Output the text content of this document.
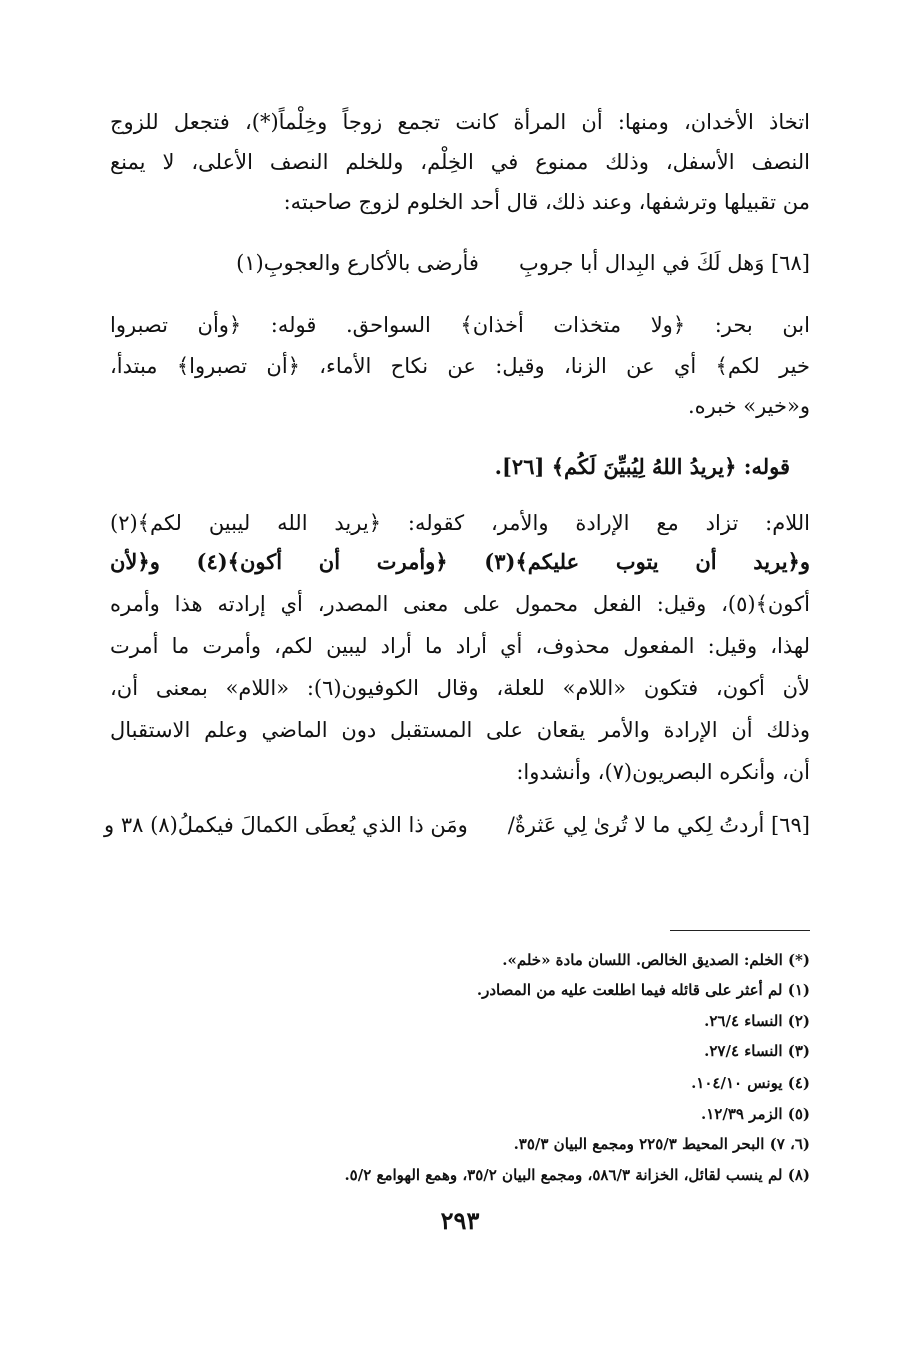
اتخاذ الأخدان، ومنها: أن المرأة كانت تجمع زوجاً وخِلْماً(*)، فتجعل للزوج
النصف الأسفل، وذلك ممنوع في الخِلْم، وللخلم النصف الأعلى، لا يمنع
من تقبيلها وترشفها، وعند ذلك، قال أحد الخلوم لزوج صاحبته:
[٦٨] وَهل لَكَ في البِدال أبا جروبِ
فأرضى بالأكارع والعجوبِ(١)
ابن بحر: ﴿ولا متخذات أخذان﴾ السواحق. قوله: ﴿وأن تصبروا
خير لكم﴾ أي عن الزنا، وقيل: عن نكاح الأماء، ﴿أن تصبروا﴾ مبتدأ،
و«خير» خبره.
قوله: ﴿يريدُ اللهُ لِيُبيِّنَ لَكُم﴾ [٢٦].
اللام: تزاد مع الإرادة والأمر، كقوله: ﴿يريد الله ليبين لكم﴾(٢)
و﴿يريد أن يتوب عليكم﴾(٣) ﴿وأمرت أن أكون﴾(٤) و﴿لأن
أكون﴾(٥)، وقيل: الفعل محمول على معنى المصدر، أي إرادته هذا وأمره
لهذا، وقيل: المفعول محذوف، أي أراد ما أراد ليبين لكم، وأمرت ما أمرت
لأن أكون، فتكون «اللام» للعلة، وقال الكوفيون(٦): «اللام» بمعنى أن،
وذلك أن الإرادة والأمر يقعان على المستقبل دون الماضي وعلم الاستقبال
أن، وأنكره البصريون(٧)، وأنشدوا:
[٦٩] أردتُ لِكي ما لا تُرىٰ لِي عَثرةٌ/
ومَن ذا الذي يُعطَى الكمالَ فيكملُ(٨) ٣٨ و
(*) الخلم: الصديق الخالص. اللسان مادة «خلم».
(١) لم أعثر على قائله فيما اطلعت عليه من المصادر.
(٢) النساء ٢٦/٤.
(٣) النساء ٢٧/٤.
(٤) يونس ١٠٤/١٠.
(٥) الزمر ١٢/٣٩.
(٦، ٧) البحر المحيط ٢٢٥/٣ ومجمع البيان ٣٥/٣.
(٨) لم ينسب لقائل، الخزانة ٥٨٦/٣، ومجمع البيان ٣٥/٢، وهمع الهوامع ٥/٢.
٢٩٣
